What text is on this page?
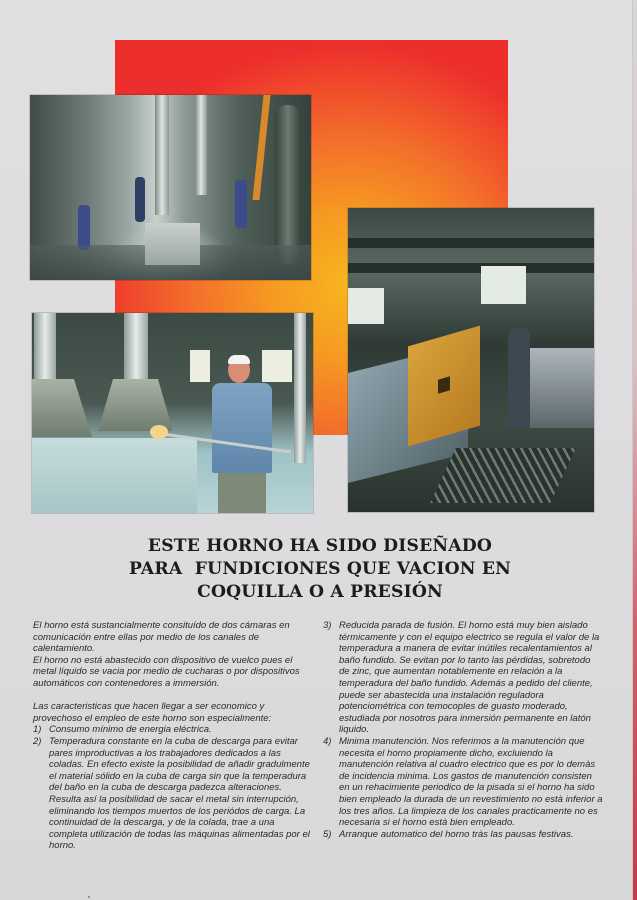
ESTE HORNO HA SIDO DISEÑADO
PARA  FUNDICIONES QUE VACION EN
COQUILLA O A PRESIÓN

El horno está sustancialmente consituído de dos cámaras en comunicación entre ellas por medio de los canales de calentamiento.

El horno no está abastecido con dispositivo de vuelco pues el metal líquido se vacia por medio de cucharas o por dispositivos automáticos con contenedores a immersión.

Las caracteristicas que hacen llegar a ser economico y provechoso el empleo de este horno son especialmente:

1) Consumo mínimo de energia eléctrica.
2) Temperadura constante en la cuba de descarga para evitar pares improductivas a los trabajadores dedicados a las coladas. En efecto existe la posibilidad de añadir gradulmente el material sólido en la cuba de carga sin que la temperadura del baño en la cuba de descarga padezca alteraciones. Resulta así la posibilidad de sacar el metal sin interrupción, eliminando los tiempos muertos de los periódos de carga. La continuidad de la descarga, y de la colada, trae a una completa utilización de todas las máquinas alimentadas por el horno.
3) Reducida parada de fusión. El horno está muy bien aislado térmicamente y con el equipo electrico se regula el valor de la temperadura a manera de evitar inútiles recalentamientos al baño fundido. Se evitan por lo tanto las pérdidas, sobretodo de zinc, que aumentan notablemente en relación a la temperadura del baño fundido. Además a pedido del cliente, puede ser abastecida una instalación reguladora potenciométrica con temocoples de guasto moderado, estudiada por nosotros para inmersión permanente en latón liquido.
4) Minima manutención. Nos referimos a la manutención que necesita el horno propiamente dicho, excluiendo la manutención relativa al cuadro electrico que es por lo demàs de incidencia minima. Los gastos de manutención consisten en un rehacimiente periodico de la pisada si el horno ha sido bien empleado la durada de un revestimiento no està inferior a los tres años. La limpieza de los canales practicamente no es necesaria si el horno està bien empleado.
5) Arranque automatico del horno tràs las pausas festivas.
